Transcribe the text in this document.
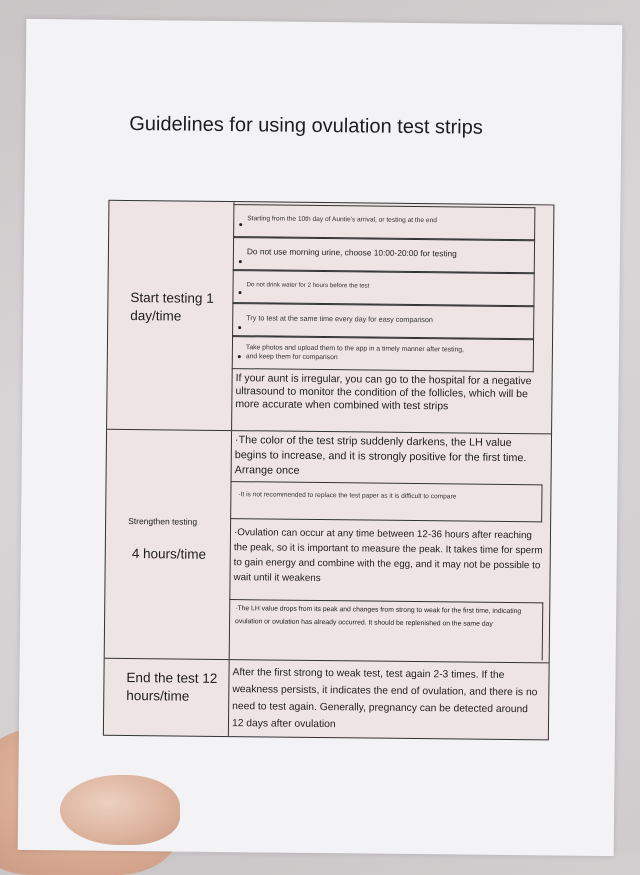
Guidelines for using ovulation test strips
Start testing 1 day/time
Starting from the 10th day of Auntie's arrival, or testing at the end
Do not use morning urine, choose 10:00-20:00 for testing
Do not drink water for 2 hours before the test
Try to test at the same time every day for easy comparison
Take photos and upload them to the app in a timely manner after testing, and keep them for comparison
If your aunt is irregular, you can go to the hospital for a negative ultrasound to monitor the condition of the follicles, which will be more accurate when combined with test strips
Strengthen testing
4 hours/time
·The color of the test strip suddenly darkens, the LH value begins to increase, and it is strongly positive for the first time. Arrange once
·It is not recommended to replace the test paper as it is difficult to compare
·Ovulation can occur at any time between 12-36 hours after reaching the peak, so it is important to measure the peak. It takes time for sperm to gain energy and combine with the egg, and it may not be possible to wait until it weakens
·The LH value drops from its peak and changes from strong to weak for the first time, indicating ovulation or ovulation has already occurred. It should be replenished on the same day
End the test 12 hours/time
After the first strong to weak test, test again 2-3 times. If the weakness persists, it indicates the end of ovulation, and there is no need to test again. Generally, pregnancy can be detected around 12 days after ovulation
